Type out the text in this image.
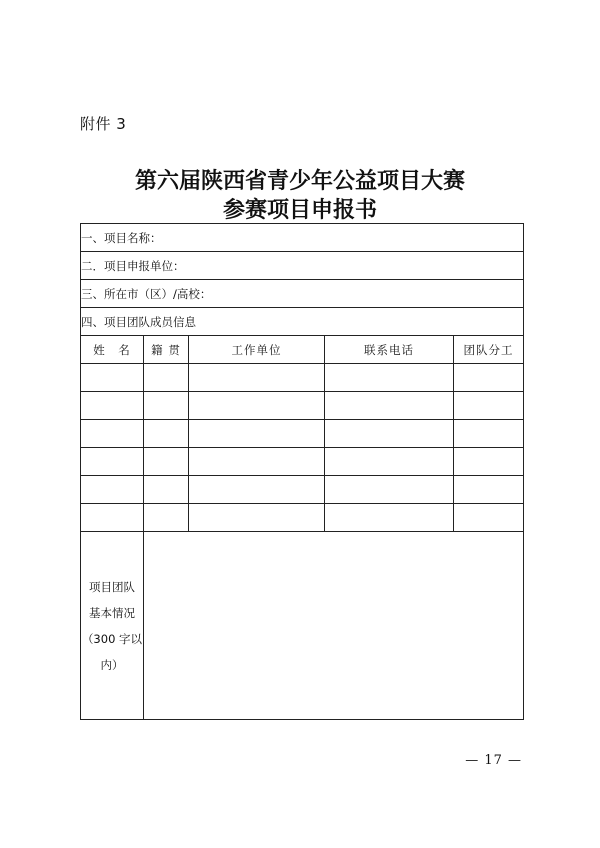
附件 3
第六届陕西省青少年公益项目大赛
参赛项目申报书
一、项目名称：				
二．项目申报单位：				
三、所在市（区）/高校：				
四、项目团队成员信息				
姓　名	籍 贯	工作单位	联系电话	团队分工

项目团队
基本情况
（300 字以
内）				

— 17 —
